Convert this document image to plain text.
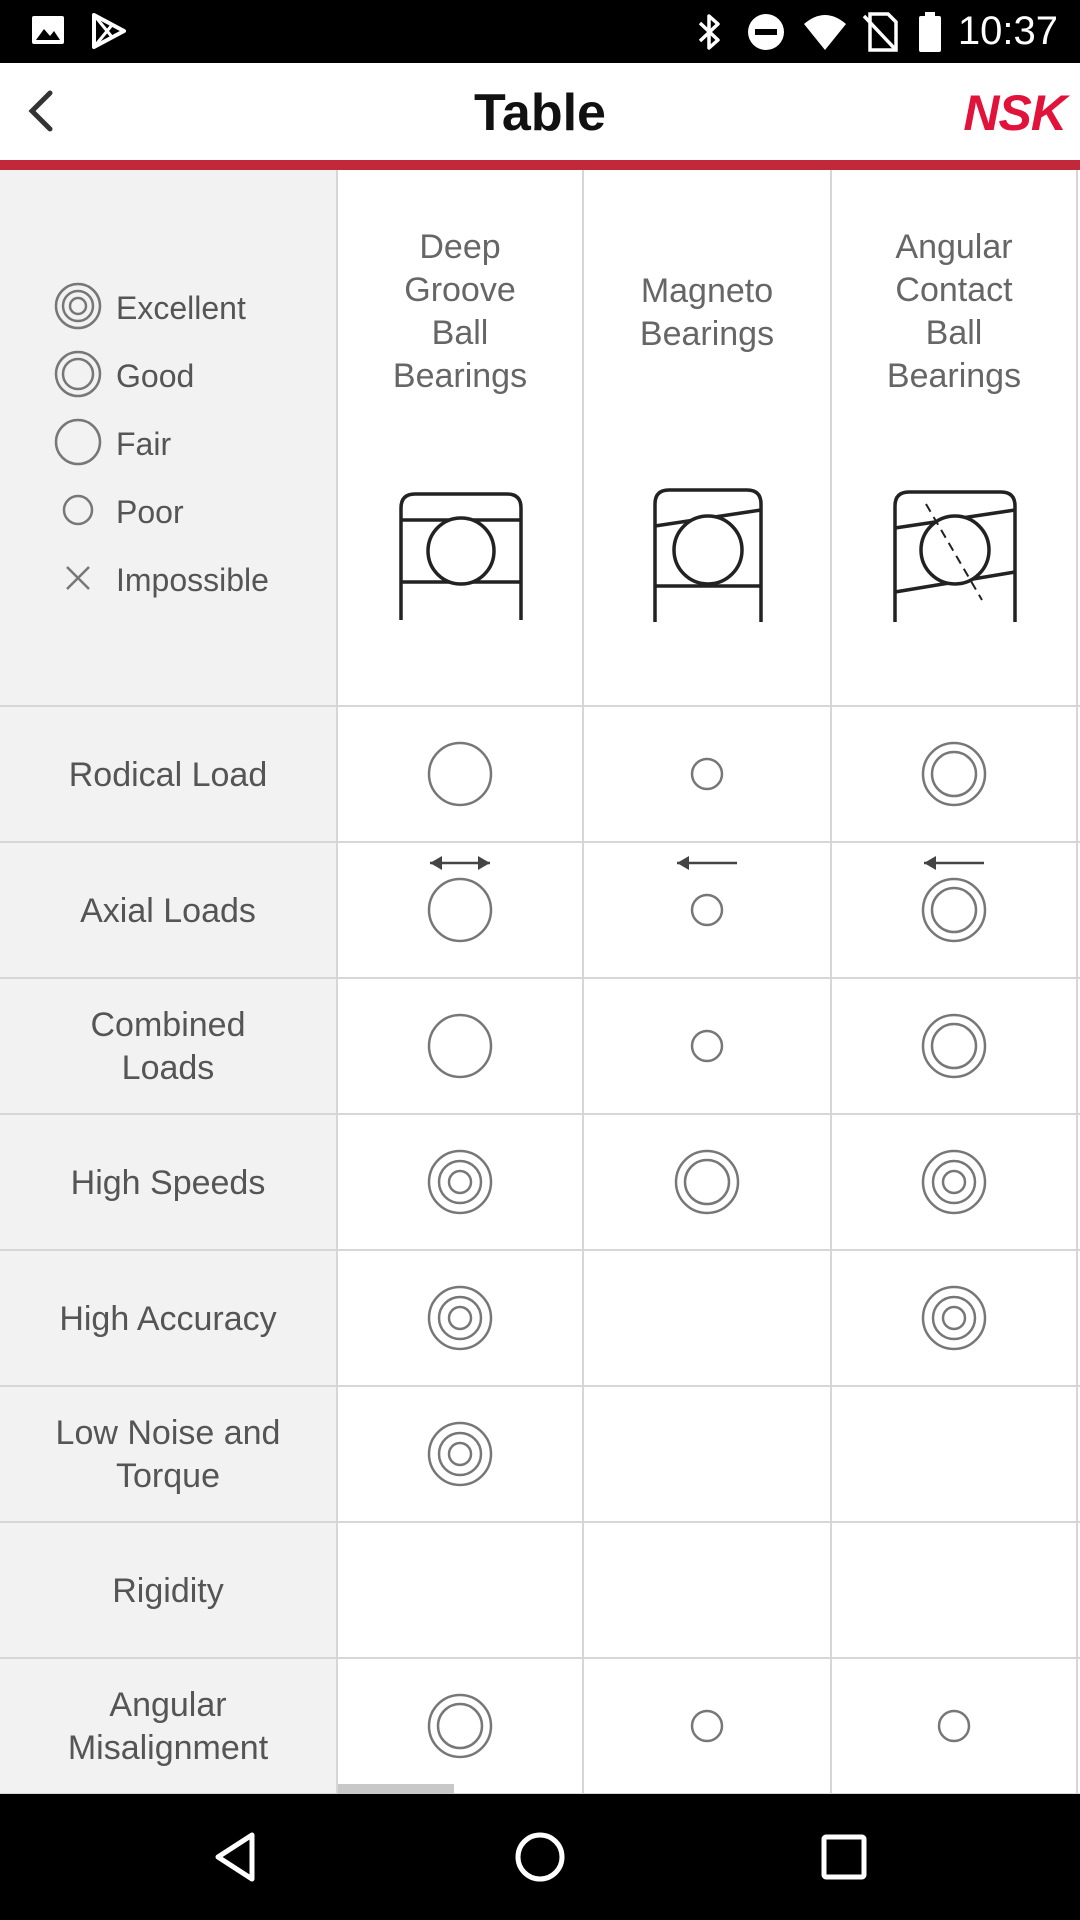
10:37
Table	NSK
Excellent
Good
Fair
Poor
Impossible
Deep
Groove
Ball
Bearings
Magneto
Bearings
Angular
Contact
Ball
Bearings
Rodical Load
Axial Loads
Combined
Loads
High Speeds
High Accuracy
Low Noise and
Torque
Rigidity
Angular
Misalignment
